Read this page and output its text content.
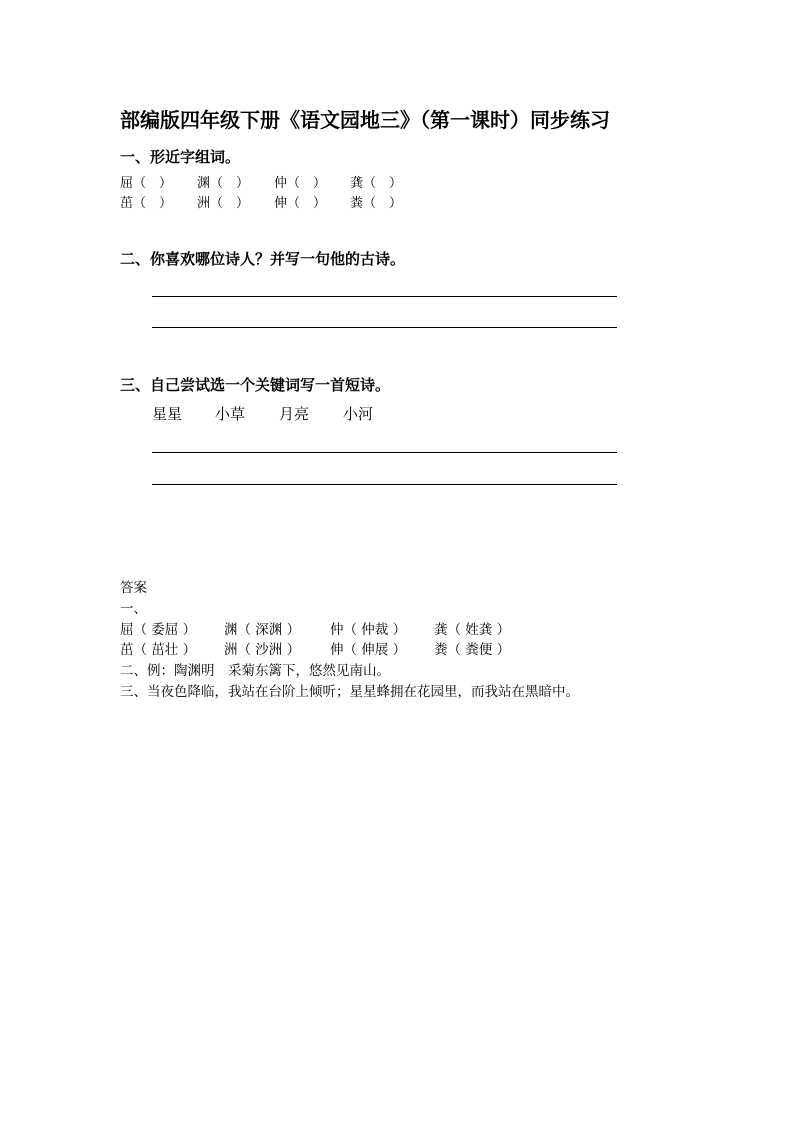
部编版四年级下册《语文园地三》（第一课时）同步练习
一、形近字组词。
屈（　） 渊（　） 仲（　） 龚（　）
茁（　） 洲（　） 伸（　） 粪（　）
二、你喜欢哪位诗人？并写一句他的古诗。
三、自己尝试选一个关键词写一首短诗。
星星 小草 月亮 小河
答案
一、
屈（ 委屈 ） 渊（ 深渊 ） 仲（ 仲裁 ） 龚（ 姓龚 ）
茁（ 茁壮 ） 洲（ 沙洲 ） 伸（ 伸展 ） 粪（ 粪便 ）
二、例：陶渊明　采菊东篱下，悠然见南山。
三、当夜色降临，我站在台阶上倾听；星星蜂拥在花园里，而我站在黑暗中。
